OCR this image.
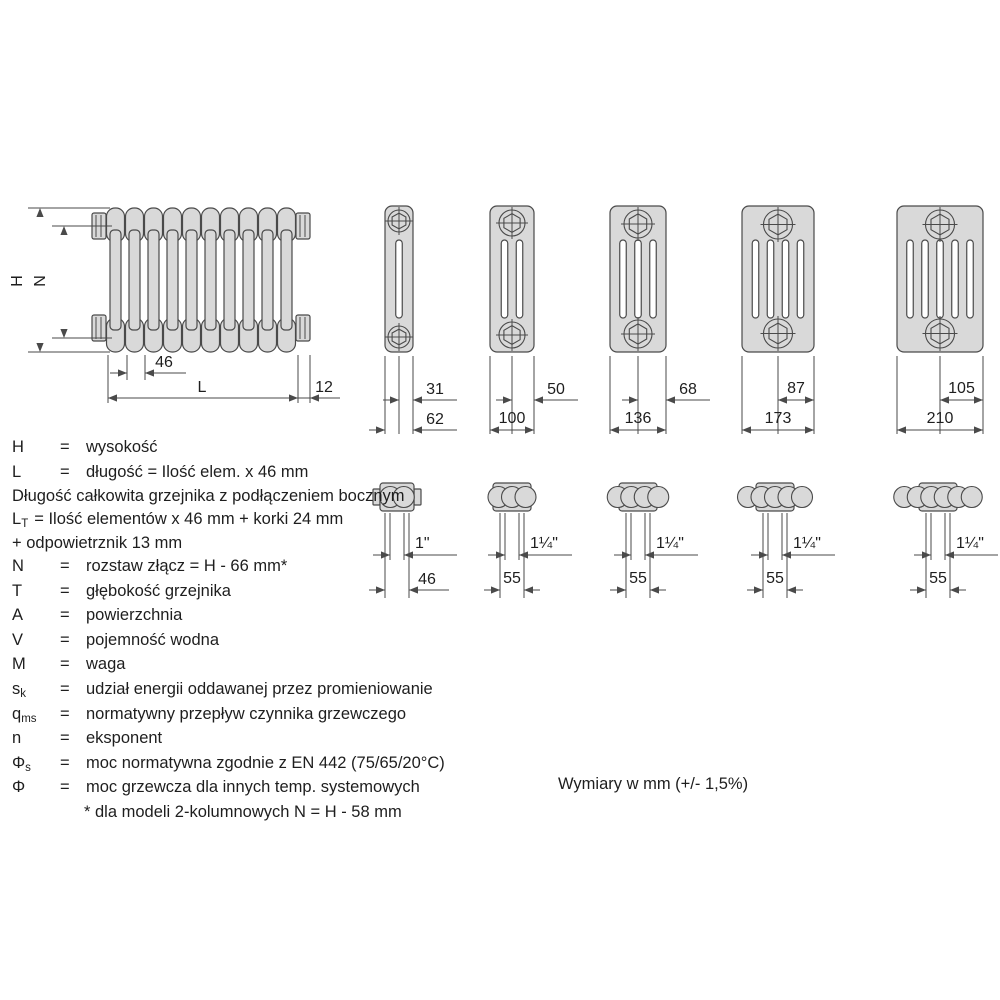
H N
46
L	12	31
62
50
100
68
136
87
173
105
210
1"
46
1¼"
55
1¼"
55
1¼"
55
1¼"
55
H	= wysokość
L	= długość = Ilość elem. x 46 mm
Długość całkowita grzejnika z podłączeniem bocznym
LT = Ilość elementów x 46 mm + korki 24 mm
+ odpowietrznik 13 mm
N	= rozstaw złącz = H - 66 mm*
T	= głębokość grzejnika
A	= powierzchnia
V	= pojemność wodna
M	= waga
sk	= udział energii oddawanej przez promieniowanie
qms	= normatywny przepływ czynnika grzewczego
n	= eksponent
Φs	= moc normatywna zgodnie z EN 442 (75/65/20°C)
Φ	= moc grzewcza dla innych temp. systemowych
* dla modeli 2-kolumnowych N = H - 58 mm
Wymiary w mm (+/- 1,5%)
